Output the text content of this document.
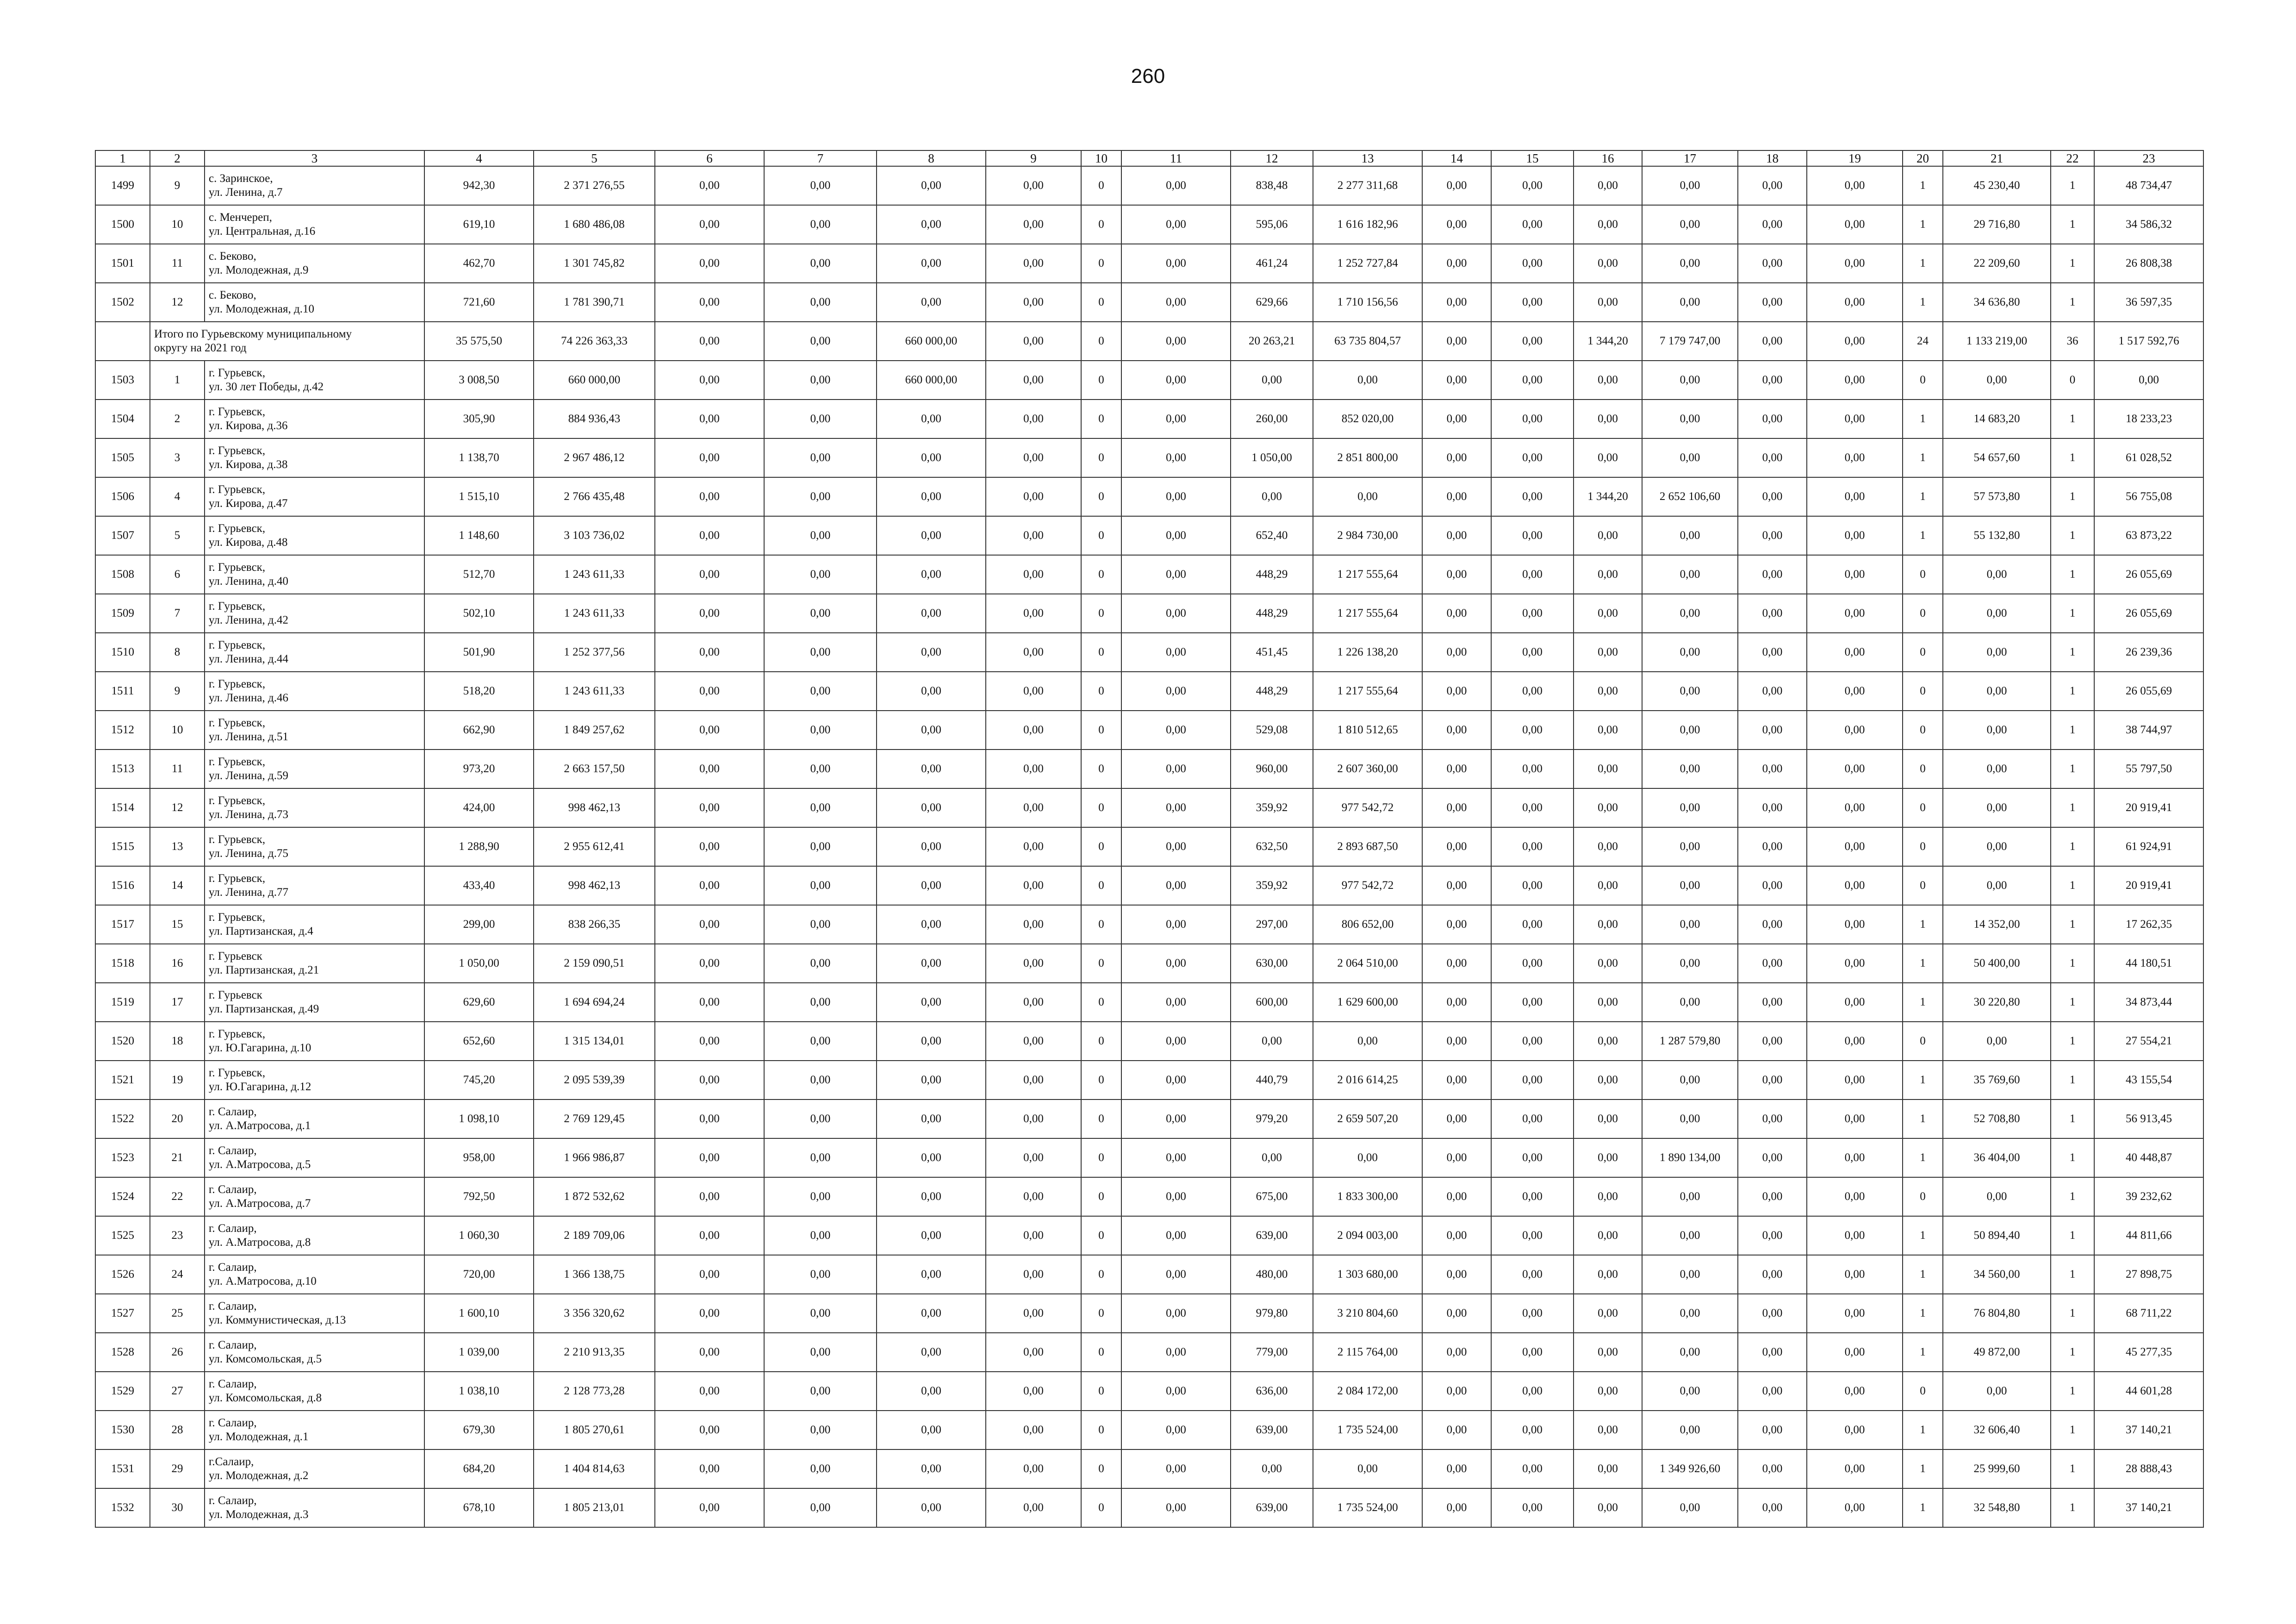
260
1	2	3	4	5	6	7	8	9	10	11	12	13	14	15	16	17	18	19	20	21	22	23
1499	9	с. Заринское,
ул. Ленина, д.7	942,30	2 371 276,55	0,00	0,00	0,00	0,00	0	0,00	838,48	2 277 311,68	0,00	0,00	0,00	0,00	0,00	0,00	1	45 230,40	1	48 734,47
1500	10	с. Менчереп,
ул. Центральная, д.16	619,10	1 680 486,08	0,00	0,00	0,00	0,00	0	0,00	595,06	1 616 182,96	0,00	0,00	0,00	0,00	0,00	0,00	1	29 716,80	1	34 586,32
1501	11	с. Беково,
ул. Молодежная, д.9	462,70	1 301 745,82	0,00	0,00	0,00	0,00	0	0,00	461,24	1 252 727,84	0,00	0,00	0,00	0,00	0,00	0,00	1	22 209,60	1	26 808,38
1502	12	с. Беково,
ул. Молодежная, д.10	721,60	1 781 390,71	0,00	0,00	0,00	0,00	0	0,00	629,66	1 710 156,56	0,00	0,00	0,00	0,00	0,00	0,00	1	34 636,80	1	36 597,35

	Итого по Гурьевскому муниципальному
округу на 2021 год		35 575,50	74 226 363,33	0,00	0,00	660 000,00	0,00	0	0,00	20 263,21	63 735 804,57	0,00	0,00	1 344,20	7 179 747,00	0,00	0,00	24	1 133 219,00	36	1 517 592,76
1503	1	г. Гурьевск,
ул. 30 лет Победы, д.42	3 008,50	660 000,00	0,00	0,00	660 000,00	0,00	0	0,00	0,00	0,00	0,00	0,00	0,00	0,00	0,00	0,00	0	0,00	0	0,00
1504	2	г. Гурьевск,
ул. Кирова, д.36	305,90	884 936,43	0,00	0,00	0,00	0,00	0	0,00	260,00	852 020,00	0,00	0,00	0,00	0,00	0,00	0,00	1	14 683,20	1	18 233,23
1505	3	г. Гурьевск,
ул. Кирова, д.38	1 138,70	2 967 486,12	0,00	0,00	0,00	0,00	0	0,00	1 050,00	2 851 800,00	0,00	0,00	0,00	0,00	0,00	0,00	1	54 657,60	1	61 028,52
1506	4	г. Гурьевск,
ул. Кирова, д.47	1 515,10	2 766 435,48	0,00	0,00	0,00	0,00	0	0,00	0,00	0,00	0,00	0,00	1 344,20	2 652 106,60	0,00	0,00	1	57 573,80	1	56 755,08
1507	5	г. Гурьевск,
ул. Кирова, д.48	1 148,60	3 103 736,02	0,00	0,00	0,00	0,00	0	0,00	652,40	2 984 730,00	0,00	0,00	0,00	0,00	0,00	0,00	1	55 132,80	1	63 873,22
1508	6	г. Гурьевск,
ул. Ленина, д.40	512,70	1 243 611,33	0,00	0,00	0,00	0,00	0	0,00	448,29	1 217 555,64	0,00	0,00	0,00	0,00	0,00	0,00	0	0,00	1	26 055,69
1509	7	г. Гурьевск,
ул. Ленина, д.42	502,10	1 243 611,33	0,00	0,00	0,00	0,00	0	0,00	448,29	1 217 555,64	0,00	0,00	0,00	0,00	0,00	0,00	0	0,00	1	26 055,69
1510	8	г. Гурьевск,
ул. Ленина, д.44	501,90	1 252 377,56	0,00	0,00	0,00	0,00	0	0,00	451,45	1 226 138,20	0,00	0,00	0,00	0,00	0,00	0,00	0	0,00	1	26 239,36
1511	9	г. Гурьевск,
ул. Ленина, д.46	518,20	1 243 611,33	0,00	0,00	0,00	0,00	0	0,00	448,29	1 217 555,64	0,00	0,00	0,00	0,00	0,00	0,00	0	0,00	1	26 055,69
1512	10	г. Гурьевск,
ул. Ленина, д.51	662,90	1 849 257,62	0,00	0,00	0,00	0,00	0	0,00	529,08	1 810 512,65	0,00	0,00	0,00	0,00	0,00	0,00	0	0,00	1	38 744,97
1513	11	г. Гурьевск,
ул. Ленина, д.59	973,20	2 663 157,50	0,00	0,00	0,00	0,00	0	0,00	960,00	2 607 360,00	0,00	0,00	0,00	0,00	0,00	0,00	0	0,00	1	55 797,50
1514	12	г. Гурьевск,
ул. Ленина, д.73	424,00	998 462,13	0,00	0,00	0,00	0,00	0	0,00	359,92	977 542,72	0,00	0,00	0,00	0,00	0,00	0,00	0	0,00	1	20 919,41
1515	13	г. Гурьевск,
ул. Ленина, д.75	1 288,90	2 955 612,41	0,00	0,00	0,00	0,00	0	0,00	632,50	2 893 687,50	0,00	0,00	0,00	0,00	0,00	0,00	0	0,00	1	61 924,91
1516	14	г. Гурьевск,
ул. Ленина, д.77	433,40	998 462,13	0,00	0,00	0,00	0,00	0	0,00	359,92	977 542,72	0,00	0,00	0,00	0,00	0,00	0,00	0	0,00	1	20 919,41
1517	15	г. Гурьевск,
ул. Партизанская, д.4	299,00	838 266,35	0,00	0,00	0,00	0,00	0	0,00	297,00	806 652,00	0,00	0,00	0,00	0,00	0,00	0,00	1	14 352,00	1	17 262,35
1518	16	г. Гурьевск
ул. Партизанская, д.21	1 050,00	2 159 090,51	0,00	0,00	0,00	0,00	0	0,00	630,00	2 064 510,00	0,00	0,00	0,00	0,00	0,00	0,00	1	50 400,00	1	44 180,51
1519	17	г. Гурьевск
ул. Партизанская, д.49	629,60	1 694 694,24	0,00	0,00	0,00	0,00	0	0,00	600,00	1 629 600,00	0,00	0,00	0,00	0,00	0,00	0,00	1	30 220,80	1	34 873,44
1520	18	г. Гурьевск,
ул. Ю.Гагарина, д.10	652,60	1 315 134,01	0,00	0,00	0,00	0,00	0	0,00	0,00	0,00	0,00	0,00	0,00	1 287 579,80	0,00	0,00	0	0,00	1	27 554,21
1521	19	г. Гурьевск,
ул. Ю.Гагарина, д.12	745,20	2 095 539,39	0,00	0,00	0,00	0,00	0	0,00	440,79	2 016 614,25	0,00	0,00	0,00	0,00	0,00	0,00	1	35 769,60	1	43 155,54
1522	20	г. Салаир,
ул. А.Матросова, д.1	1 098,10	2 769 129,45	0,00	0,00	0,00	0,00	0	0,00	979,20	2 659 507,20	0,00	0,00	0,00	0,00	0,00	0,00	1	52 708,80	1	56 913,45
1523	21	г. Салаир,
ул. А.Матросова, д.5	958,00	1 966 986,87	0,00	0,00	0,00	0,00	0	0,00	0,00	0,00	0,00	0,00	0,00	1 890 134,00	0,00	0,00	1	36 404,00	1	40 448,87
1524	22	г. Салаир,
ул. А.Матросова, д.7	792,50	1 872 532,62	0,00	0,00	0,00	0,00	0	0,00	675,00	1 833 300,00	0,00	0,00	0,00	0,00	0,00	0,00	0	0,00	1	39 232,62
1525	23	г. Салаир,
ул. А.Матросова, д.8	1 060,30	2 189 709,06	0,00	0,00	0,00	0,00	0	0,00	639,00	2 094 003,00	0,00	0,00	0,00	0,00	0,00	0,00	1	50 894,40	1	44 811,66
1526	24	г. Салаир,
ул. А.Матросова, д.10	720,00	1 366 138,75	0,00	0,00	0,00	0,00	0	0,00	480,00	1 303 680,00	0,00	0,00	0,00	0,00	0,00	0,00	1	34 560,00	1	27 898,75
1527	25	г. Салаир,
ул. Коммунистическая, д.13	1 600,10	3 356 320,62	0,00	0,00	0,00	0,00	0	0,00	979,80	3 210 804,60	0,00	0,00	0,00	0,00	0,00	0,00	1	76 804,80	1	68 711,22
1528	26	г. Салаир,
ул. Комсомольская, д.5	1 039,00	2 210 913,35	0,00	0,00	0,00	0,00	0	0,00	779,00	2 115 764,00	0,00	0,00	0,00	0,00	0,00	0,00	1	49 872,00	1	45 277,35
1529	27	г. Салаир,
ул. Комсомольская, д.8	1 038,10	2 128 773,28	0,00	0,00	0,00	0,00	0	0,00	636,00	2 084 172,00	0,00	0,00	0,00	0,00	0,00	0,00	0	0,00	1	44 601,28
1530	28	г. Салаир,
ул. Молодежная, д.1	679,30	1 805 270,61	0,00	0,00	0,00	0,00	0	0,00	639,00	1 735 524,00	0,00	0,00	0,00	0,00	0,00	0,00	1	32 606,40	1	37 140,21
1531	29	г.Салаир,
ул. Молодежная, д.2	684,20	1 404 814,63	0,00	0,00	0,00	0,00	0	0,00	0,00	0,00	0,00	0,00	0,00	1 349 926,60	0,00	0,00	1	25 999,60	1	28 888,43
1532	30	г. Салаир,
ул. Молодежная, д.3	678,10	1 805 213,01	0,00	0,00	0,00	0,00	0	0,00	639,00	1 735 524,00	0,00	0,00	0,00	0,00	0,00	0,00	1	32 548,80	1	37 140,21
